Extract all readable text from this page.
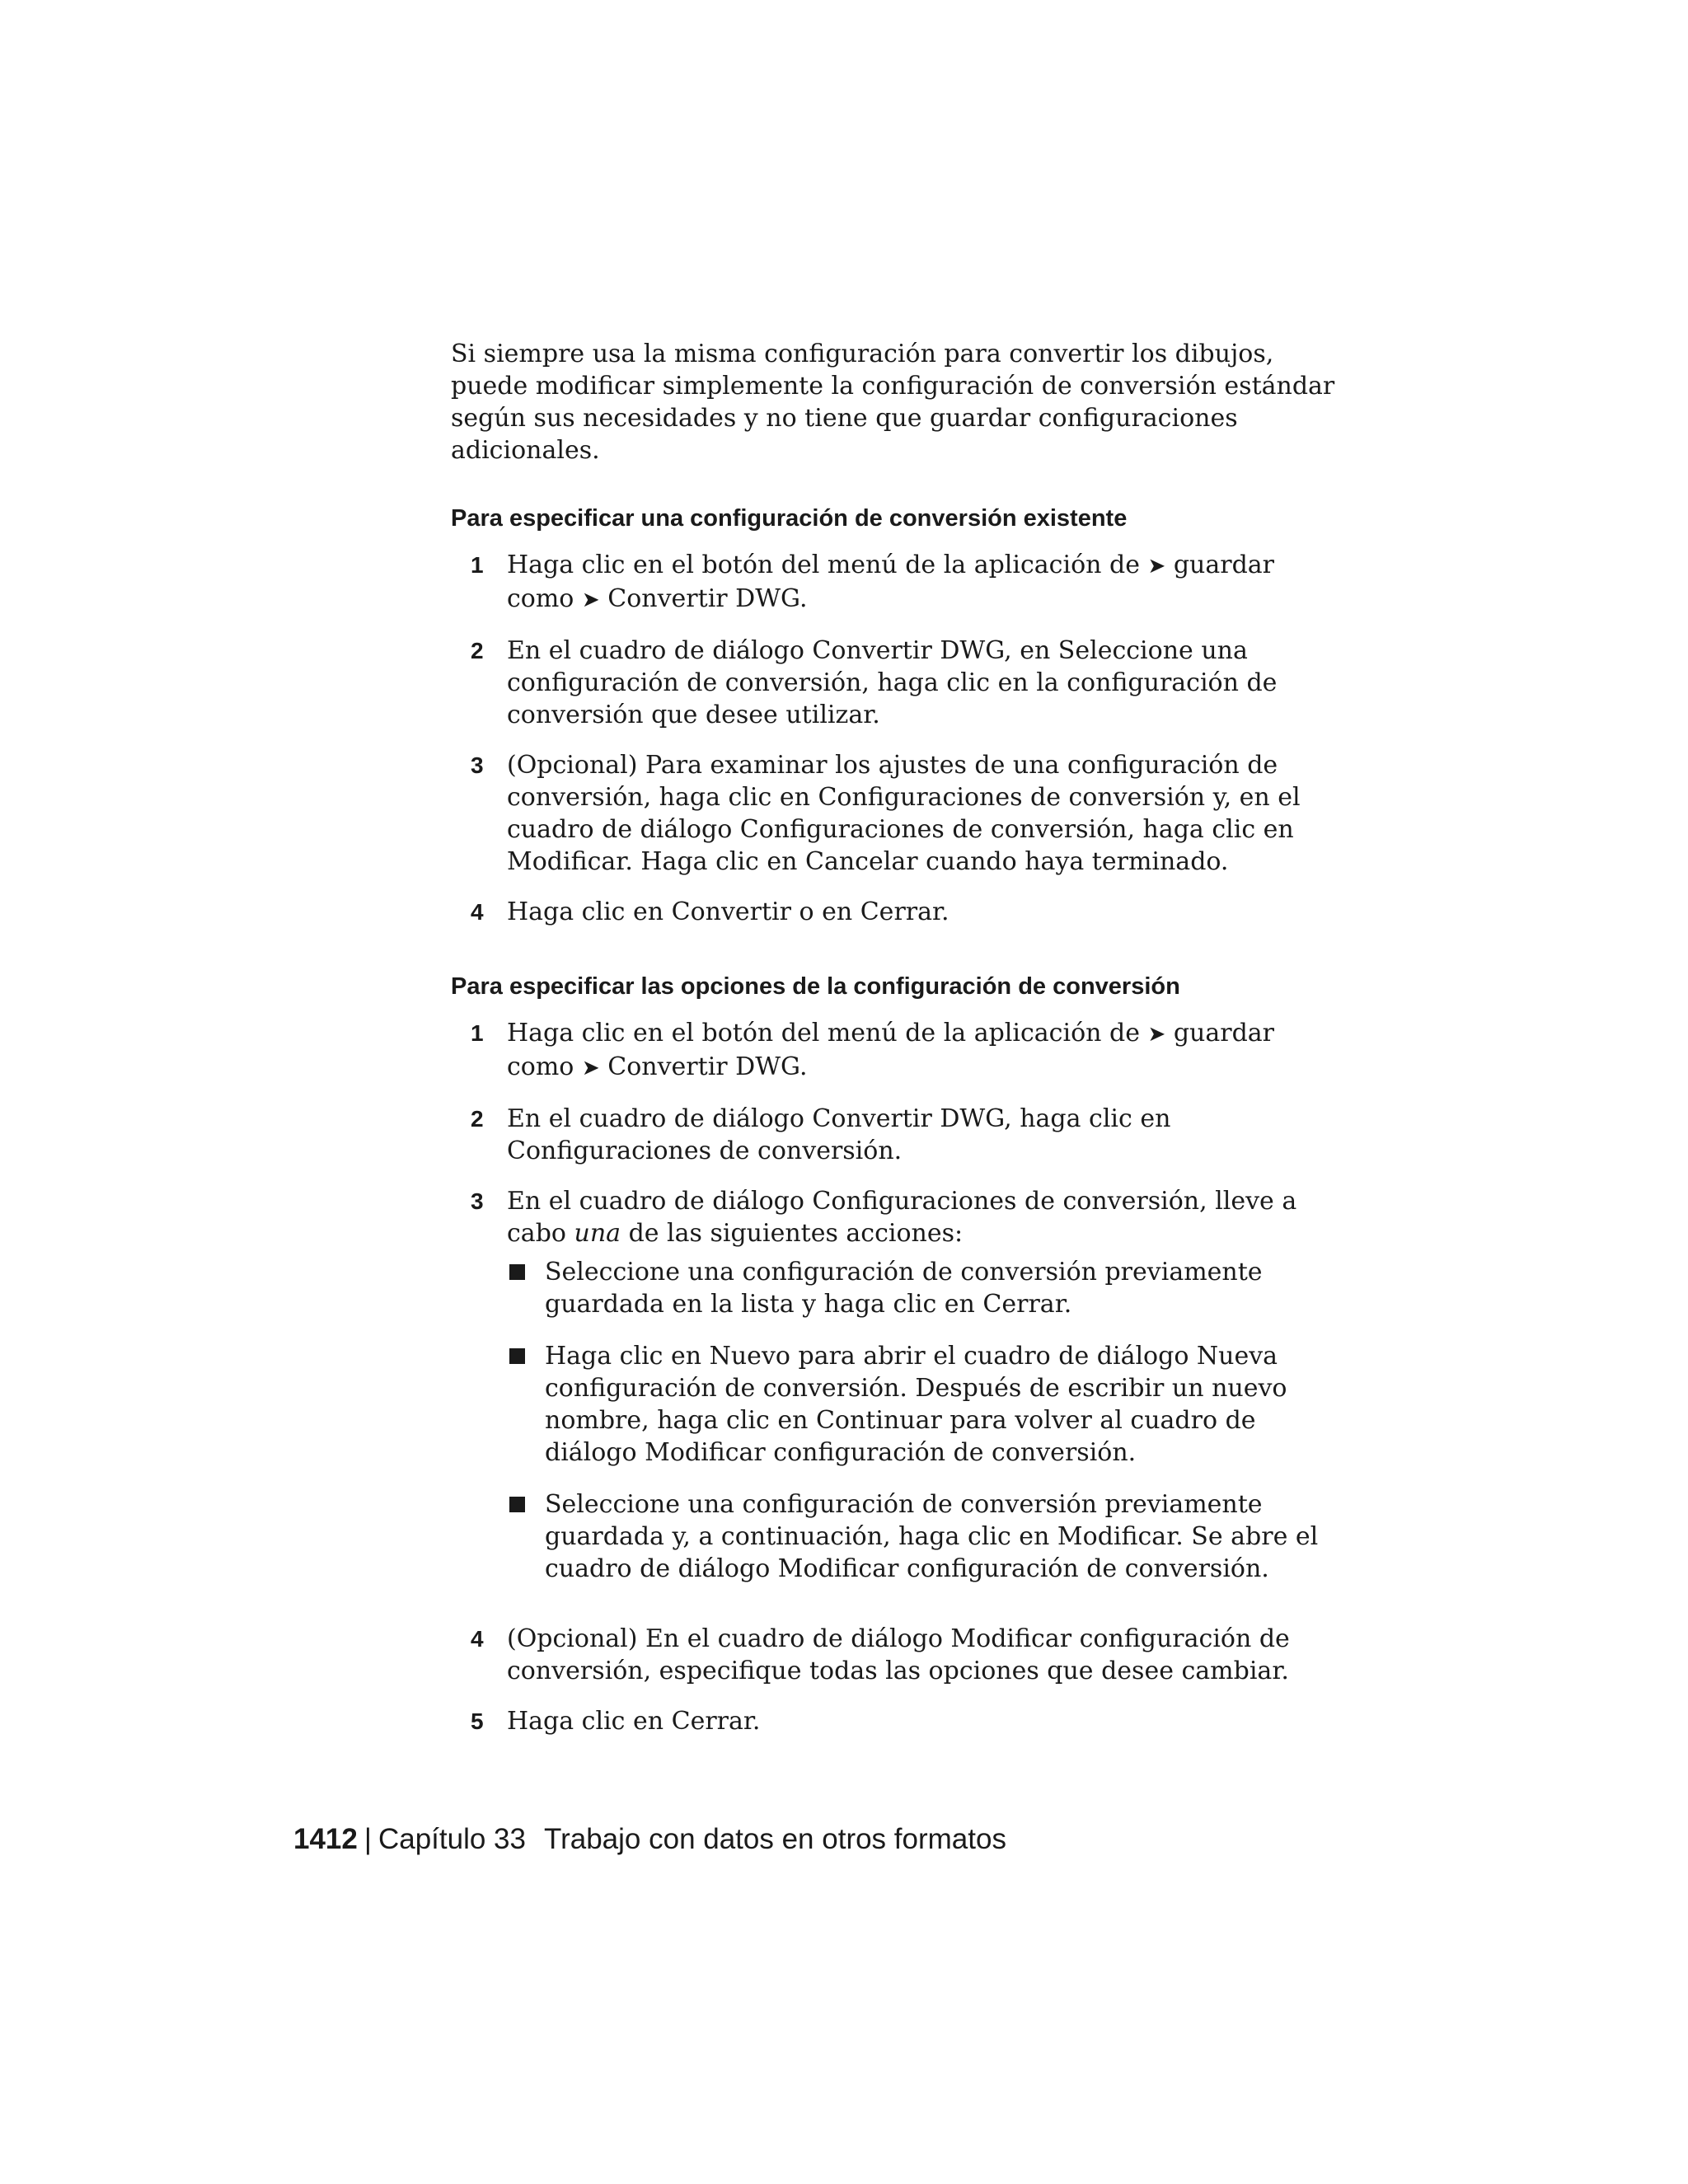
Si siempre usa la misma configuración para convertir los dibujos, puede modificar simplemente la configuración de conversión estándar según sus necesidades y no tiene que guardar configuraciones adicionales.

Para especificar una configuración de conversión existente
1 Haga clic en el botón del menú de la aplicación de ➤ guardar como ➤ Convertir DWG.
2 En el cuadro de diálogo Convertir DWG, en Seleccione una configuración de conversión, haga clic en la configuración de conversión que desee utilizar.
3 (Opcional) Para examinar los ajustes de una configuración de conversión, haga clic en Configuraciones de conversión y, en el cuadro de diálogo Configuraciones de conversión, haga clic en Modificar. Haga clic en Cancelar cuando haya terminado.
4 Haga clic en Convertir o en Cerrar.
Para especificar las opciones de la configuración de conversión
1 Haga clic en el botón del menú de la aplicación de ➤ guardar como ➤ Convertir DWG.
2 En el cuadro de diálogo Convertir DWG, haga clic en Configuraciones de conversión.
3 En el cuadro de diálogo Configuraciones de conversión, lleve a cabo una de las siguientes acciones:
Seleccione una configuración de conversión previamente guardada en la lista y haga clic en Cerrar.
Haga clic en Nuevo para abrir el cuadro de diálogo Nueva configuración de conversión. Después de escribir un nuevo nombre, haga clic en Continuar para volver al cuadro de diálogo Modificar configuración de conversión.
Seleccione una configuración de conversión previamente guardada y, a continuación, haga clic en Modificar. Se abre el cuadro de diálogo Modificar configuración de conversión.
4 (Opcional) En el cuadro de diálogo Modificar configuración de conversión, especifique todas las opciones que desee cambiar.
5 Haga clic en Cerrar.
1412 | Capítulo 33 Trabajo con datos en otros formatos
